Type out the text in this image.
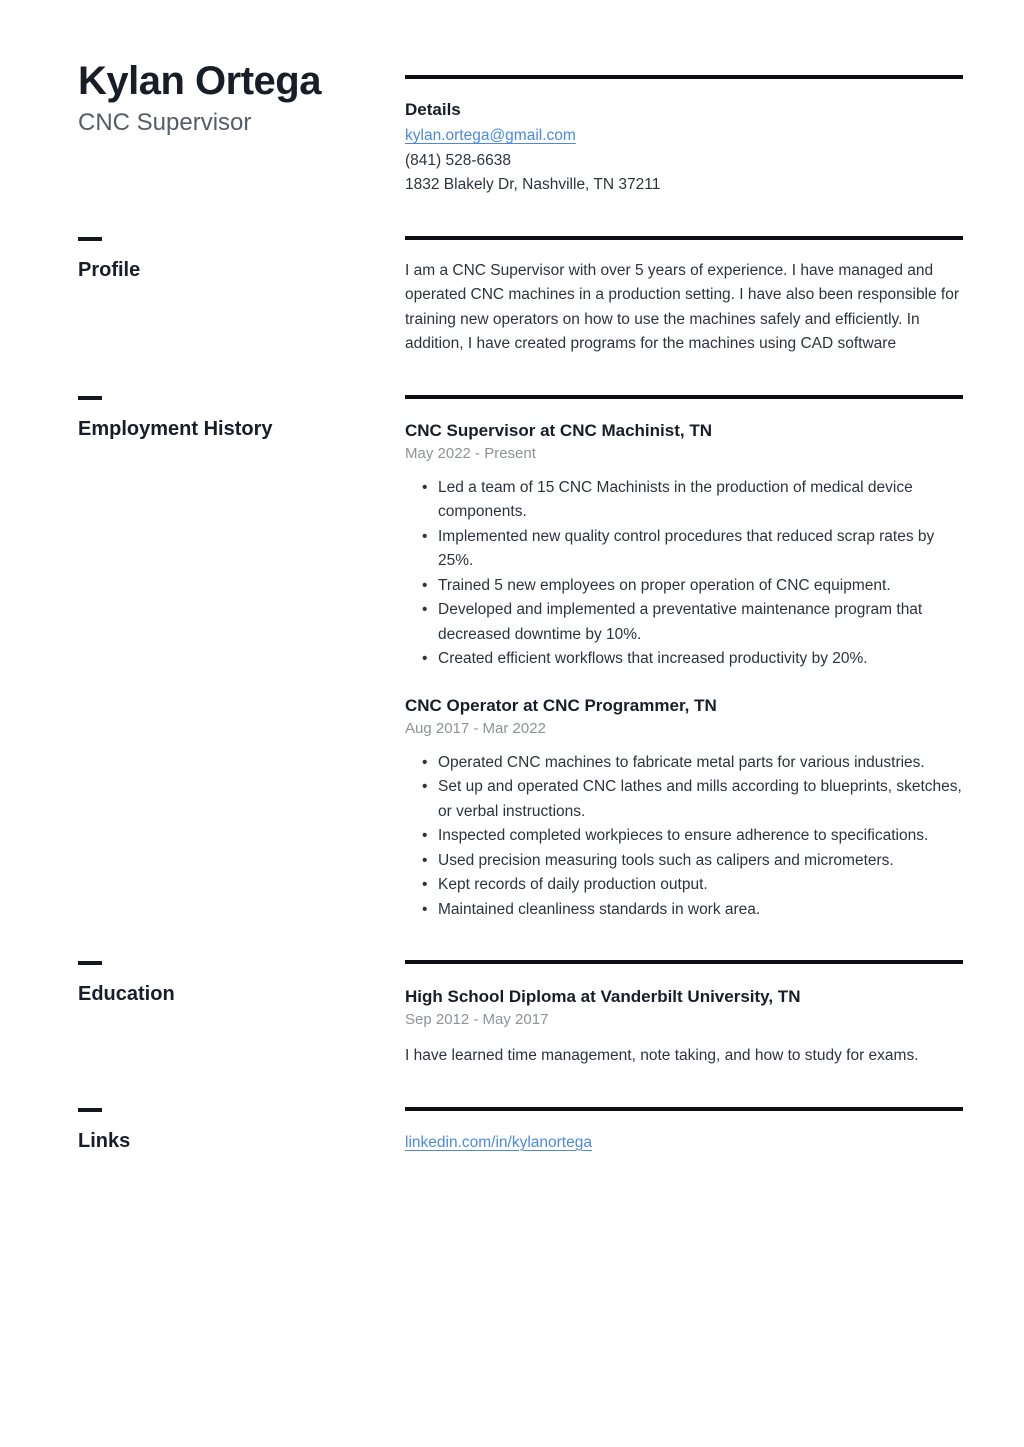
Kylan Ortega
CNC Supervisor	Details
kylan.ortega@gmail.com
(841) 528-6638
1832 Blakely Dr, Nashville, TN 37211
Profile	I am a CNC Supervisor with over 5 years of experience. I have managed and operated CNC machines in a production setting. I have also been responsible for training new operators on how to use the machines safely and efficiently. In addition, I have created programs for the machines using CAD software

Employment History	CNC Supervisor at CNC Machinist, TN
May 2022 - Present
• Led a team of 15 CNC Machinists in the production of medical device components.
• Implemented new quality control procedures that reduced scrap rates by 25%.
• Trained 5 new employees on proper operation of CNC equipment.
• Developed and implemented a preventative maintenance program that decreased downtime by 10%.
• Created efficient workflows that increased productivity by 20%.
CNC Operator at CNC Programmer, TN
Aug 2017 - Mar 2022
• Operated CNC machines to fabricate metal parts for various industries.
• Set up and operated CNC lathes and mills according to blueprints, sketches, or verbal instructions.
• Inspected completed workpieces to ensure adherence to specifications.
• Used precision measuring tools such as calipers and micrometers.
• Kept records of daily production output.
• Maintained cleanliness standards in work area.
Education	High School Diploma at Vanderbilt University, TN
Sep 2012 - May 2017

I have learned time management, note taking, and how to study for exams.

Links	linkedin.com/in/kylanortega
